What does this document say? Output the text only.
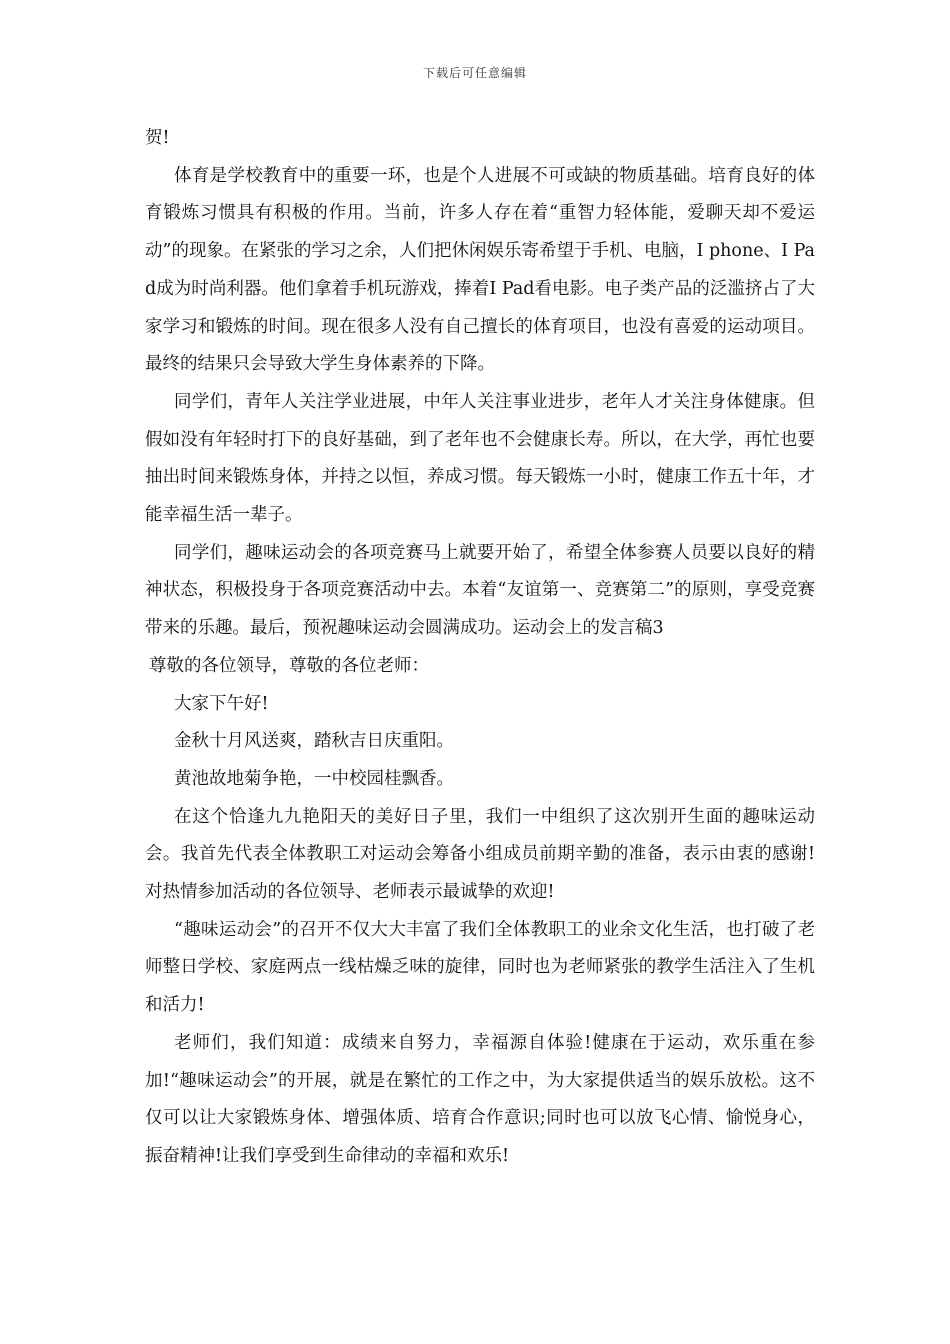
下载后可任意编辑

贺!

体育是学校教育中的重要一环，也是个人进展不可或缺的物质基础。培育良好的体育锻炼习惯具有积极的作用。当前，许多人存在着“重智力轻体能，爱聊天却不爱运动”的现象。在紧张的学习之余，人们把休闲娱乐寄希望于手机、电脑，I phone、I Pad成为时尚利器。他们拿着手机玩游戏，捧着I Pad看电影。电子类产品的泛滥挤占了大家学习和锻炼的时间。现在很多人没有自己擅长的体育项目，也没有喜爱的运动项目。最终的结果只会导致大学生身体素养的下降。

同学们，青年人关注学业进展，中年人关注事业进步，老年人才关注身体健康。但假如没有年轻时打下的良好基础，到了老年也不会健康长寿。所以，在大学，再忙也要抽出时间来锻炼身体，并持之以恒，养成习惯。每天锻炼一小时，健康工作五十年，才能幸福生活一辈子。

同学们，趣味运动会的各项竞赛马上就要开始了，希望全体参赛人员要以良好的精神状态，积极投身于各项竞赛活动中去。本着“友谊第一、竞赛第二”的原则，享受竞赛带来的乐趣。最后，预祝趣味运动会圆满成功。运动会上的发言稿3

尊敬的各位领导，尊敬的各位老师：

大家下午好!

金秋十月风送爽，踏秋吉日庆重阳。

黄池故地菊争艳，一中校园桂飘香。

在这个恰逢九九艳阳天的美好日子里，我们一中组织了这次别开生面的趣味运动会。我首先代表全体教职工对运动会筹备小组成员前期辛勤的准备，表示由衷的感谢!对热情参加活动的各位领导、老师表示最诚挚的欢迎!

“趣味运动会”的召开不仅大大丰富了我们全体教职工的业余文化生活，也打破了老师整日学校、家庭两点一线枯燥乏味的旋律，同时也为老师紧张的教学生活注入了生机和活力!

老师们，我们知道：成绩来自努力，幸福源自体验!健康在于运动，欢乐重在参加!“趣味运动会”的开展，就是在繁忙的工作之中，为大家提供适当的娱乐放松。这不仅可以让大家锻炼身体、增强体质、培育合作意识;同时也可以放飞心情、愉悦身心，振奋精神!让我们享受到生命律动的幸福和欢乐!
